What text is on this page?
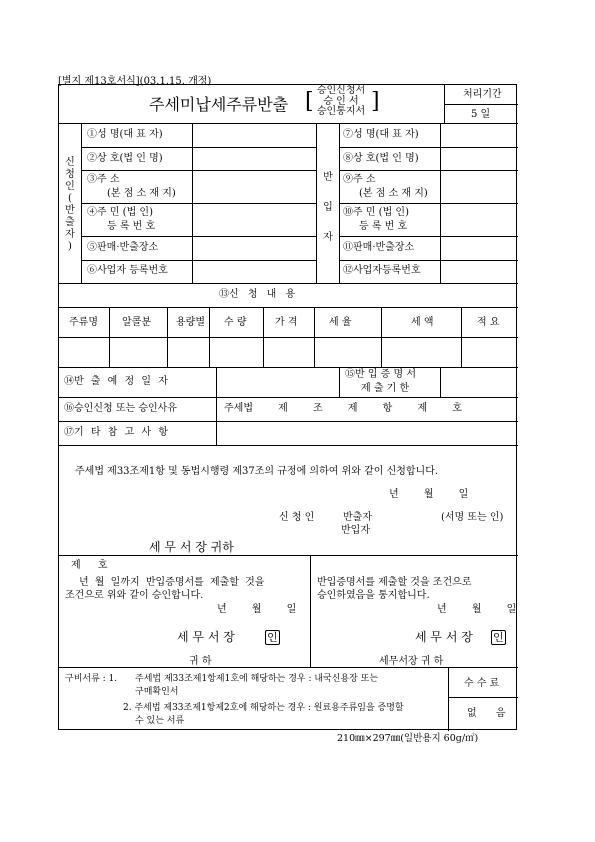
[별지 제13호서식](03.1.15. 개정)
주세미납세주류반출 [ 승인신청서
승 인 서
승인통지서 ]	처리기간
5 일
신
청
인
(
반
출
자
)
①성 명(대 표 자)
②상 호(법 인 명)
③주 소
(본 점 소 재 지)
④주 민 (법 인)
등 록 번 호
⑤판매·반출장소
⑥사업자 등록번호
반
입
자
⑦성 명(대 표 자)
⑧상 호(법 인 명)
⑨주 소
(본 점 소 재 지)
⑩주 민 (법 인)
등 록 번 호
⑪판매·반출장소
⑫사업자등록번호
⑬신 청 내 용
주류명 알콜분	용량별 수 량	가 격	세 율	세 액	적 요
⑭반 출 예 정 일 자
⑮반 입 증 명 서
제 출 기 한
⑯승인신청 또는 승인사유	주세법 제 조 제 항 제 호
⑰기 타 참 고 사 항
주세법 제33조제1항 및 동법시행령 제37조의 규정에 의하여 위와 같이 신청합니다.
년 월 일
신 청 인	반출자
반입자
(서명 또는 인)
세 무 서 장 귀하
제 호
년 월 일까지 반입증명서를 제출할 것을
조건으로 위와 같이 승인합니다.
년 월 일
세 무 서 장	인
귀 하
반입증명서를 제출할 것을 조건으로
승인하였음을 통지합니다.
년 월 일
세 무 서 장 인
세무서장 귀 하
구비서류 : 1. 주세법 제33조제1항제1호에 해당하는 경우 : 내국신용장 또는
구매확인서
2. 주세법 제33조제1항제2호에 해당하는 경우 : 원료용주류임을 증명할
수 있는 서류
수 수 료
없 음
210㎜×297㎜(일반용지 60g/㎡)
